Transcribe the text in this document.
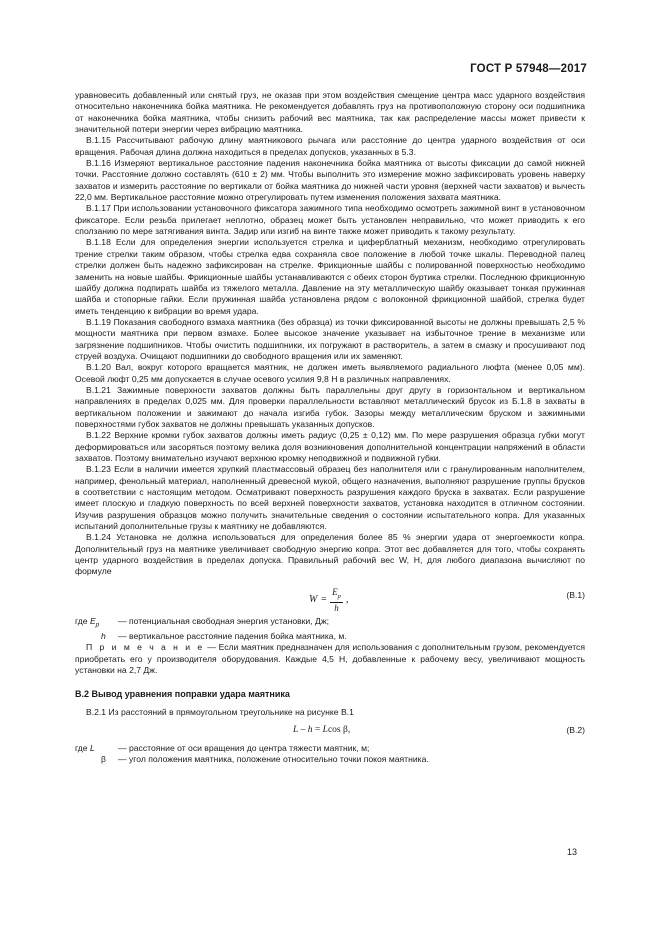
ГОСТ Р 57948—2017

уравновесить добавленный или снятый груз, не оказав при этом воздействия смещение центра масс ударного воздействия относительно наконечника бойка маятника. Не рекомендуется добавлять груз на противоположную сторону оси подшипника от наконечника бойка маятника, чтобы снизить рабочий вес маятника, так как распределение массы может привести к значительной потери энергии через вибрацию маятника.

В.1.15 Рассчитывают рабочую длину маятникового рычага или расстояние до центра ударного воздействия от оси вращения. Рабочая длина должна находиться в пределах допусков, указанных в 5.3.

В.1.16 Измеряют вертикальное расстояние падения наконечника бойка маятника от высоты фиксации до самой нижней точки. Расстояние должно составлять (610 ± 2) мм. Чтобы выполнить это измерение можно зафиксировать уровень наверху захватов и измерить расстояние по вертикали от бойка маятника до нижней части уровня (верхней части захватов) и вычесть 22,0 мм. Вертикальное расстояние можно отрегулировать путем изменения положения захвата маятника.

В.1.17 При использовании установочного фиксатора зажимного типа необходимо осмотреть зажимной винт в установочном фиксаторе. Если резьба прилегает неплотно, образец может быть установлен неправильно, что может приводить к его сползанию по мере затягивания винта. Задир или изгиб на винте также может приводить к такому результату.

В.1.18 Если для определения энергии используется стрелка и циферблатный механизм, необходимо отрегулировать трение стрелки таким образом, чтобы стрелка едва сохраняла свое положение в любой точке шкалы. Переводной палец стрелки должен быть надежно зафиксирован на стрелке. Фрикционные шайбы с полированной поверхностью необходимо заменить на новые шайбы. Фрикционные шайбы устанавливаются с обеих сторон буртика стрелки. Последнюю фрикционную шайбу должна подпирать шайба из тяжелого металла. Давление на эту металлическую шайбу оказывает тонкая пружинная шайба и стопорные гайки. Если пружинная шайба установлена рядом с волоконной фрикционной шайбой, стрелка будет иметь тенденцию к вибрации во время удара.

В.1.19 Показания свободного взмаха маятника (без образца) из точки фиксированной высоты не должны превышать 2,5 % мощности маятника при первом взмахе. Более высокое значение указывает на избыточное трение в механизме или загрязнение подшипников. Чтобы очистить подшипники, их погружают в растворитель, а затем в смазку и просушивают под струей воздуха. Очищают подшипники до свободного вращения или их заменяют.

В.1.20 Вал, вокруг которого вращается маятник, не должен иметь выявляемого радиального люфта (менее 0,05 мм). Осевой люфт 0,25 мм допускается в случае осевого усилия 9,8 Н в различных направлениях.

В.1.21 Зажимные поверхности захватов должны быть параллельны друг другу в горизонтальном и вертикальном направлениях в пределах 0,025 мм. Для проверки параллельности вставляют металлический брусок из Б.1.8 в захваты в вертикальном положении и зажимают до начала изгиба губок. Зазоры между металлическим бруском и зажимными поверхностями губок захватов не должны превышать указанных допусков.

В.1.22 Верхние кромки губок захватов должны иметь радиус (0,25 ± 0,12) мм. По мере разрушения образца губки могут деформироваться или засоряться поэтому велика доля возникновения дополнительной концентрации напряжений в области захватов. Поэтому внимательно изучают верхнюю кромку неподвижной и подвижной губки.

В.1.23 Если в наличии имеется хрупкий пластмассовый образец без наполнителя или с гранулированным наполнителем, например, фенольный материал, наполненный древесной мукой, общего назначения, выполняют разрушение группы брусков в соответствии с настоящим методом. Осматривают поверхность разрушения каждого бруска в захватах. Если разрушение имеет плоскую и гладкую поверхность по всей верхней поверхности захватов, установка находится в отличном состоянии. Изучив разрушения образцов можно получить значительные сведения о состоянии испытательного копра. Для указанных испытаний дополнительные грузы к маятнику не добавляются.

В.1.24 Установка не должна использоваться для определения более 85 % энергии удара от энергоемкости копра. Дополнительный груз на маятнике увеличивает свободную энергию копра. Этот вес добавляется для того, чтобы сохранять центр ударного воздействия в пределах допуска. Правильный рабочий вес W, Н, для любого диапазона вычисляют по формуле

$W = \frac{E_p}{h}$ ,	(В.1)
где $E_p$	— потенциальная свободная энергия установки, Дж;
h	— вертикальное расстояние падения бойка маятника, м.

П р и м е ч а н и е — Если маятник предназначен для использования с дополнительным грузом, рекомендуется приобретать его у производителя оборудования. Каждые 4,5 Н, добавленные к рабочему весу, увеличивают мощность установки на 2,7 Дж.

В.2 Вывод уравнения поправки удара маятника

В.2.1 Из расстояний в прямоугольном треугольнике на рисунке В.1

L – h = Lcos β,	(В.2)
где L	— расстояние от оси вращения до центра тяжести маятник, м;
β	— угол положения маятника, положение относительно точки покоя маятника.
13
